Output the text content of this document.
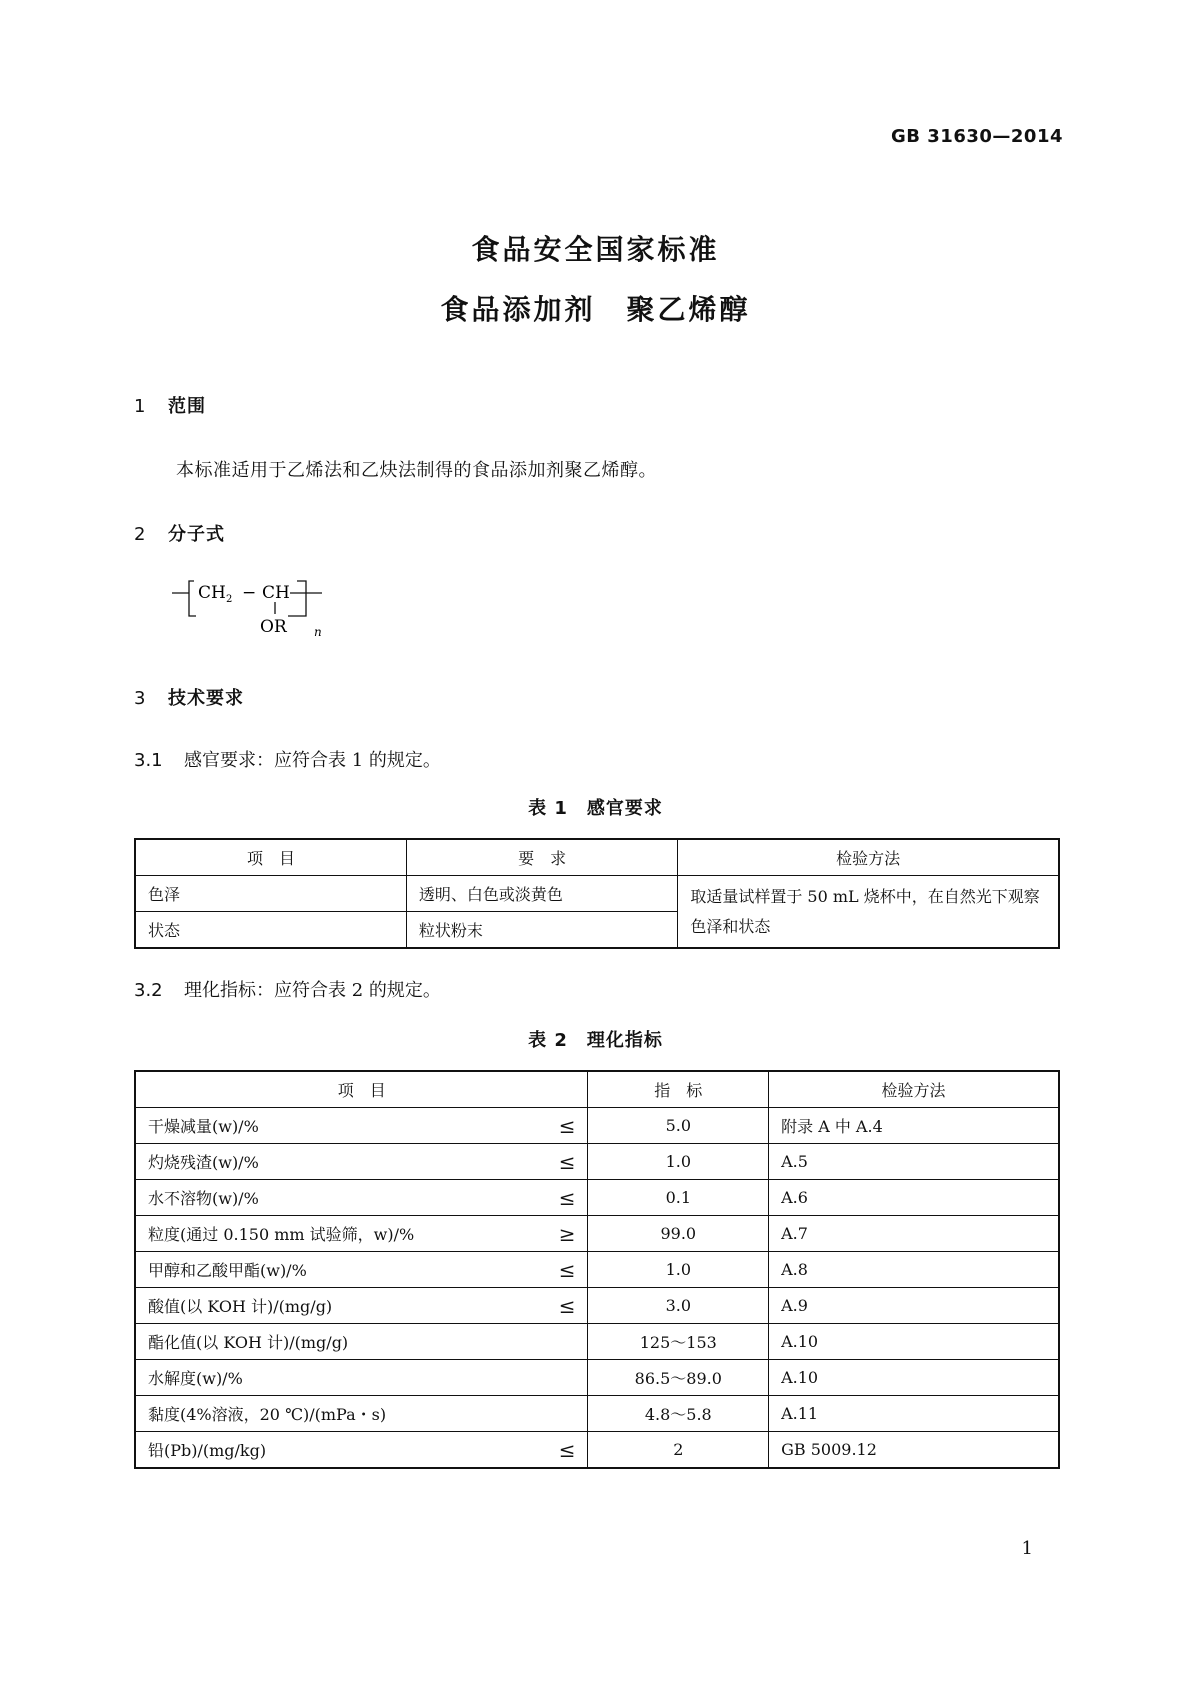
GB 31630—2014
食品安全国家标准
食品添加剂　聚乙烯醇
1 范围
本标准适用于乙烯法和乙炔法制得的食品添加剂聚乙烯醇。
2 分子式
CH 2 − CH
OR n
3 技术要求
3.1 感官要求：应符合表 1 的规定。
表 1　感官要求
项　目	要　求	检验方法
色泽	透明、白色或淡黄色	取适量试样置于 50 mL 烧杯中，在自然光下观察色泽和状态
状态	粒状粉末	
3.2 理化指标：应符合表 2 的规定。
表 2　理化指标
项　目	指　标	检验方法
干燥减量(w)/% ≤	5.0	附录 A 中 A.4
灼烧残渣(w)/% ≤	1.0	A.5
水不溶物(w)/% ≤	0.1	A.6
粒度(通过 0.150 mm 试验筛，w)/% ≥	99.0	A.7
甲醇和乙酸甲酯(w)/% ≤	1.0	A.8
酸值(以 KOH 计)/(mg/g) ≤	3.0	A.9
酯化值(以 KOH 计)/(mg/g)	125～153	A.10
水解度(w)/%	86.5～89.0	A.10
黏度(4%溶液，20 ℃)/(mPa・s)	4.8～5.8	A.11
铅(Pb)/(mg/kg) ≤	2	GB 5009.12
1
